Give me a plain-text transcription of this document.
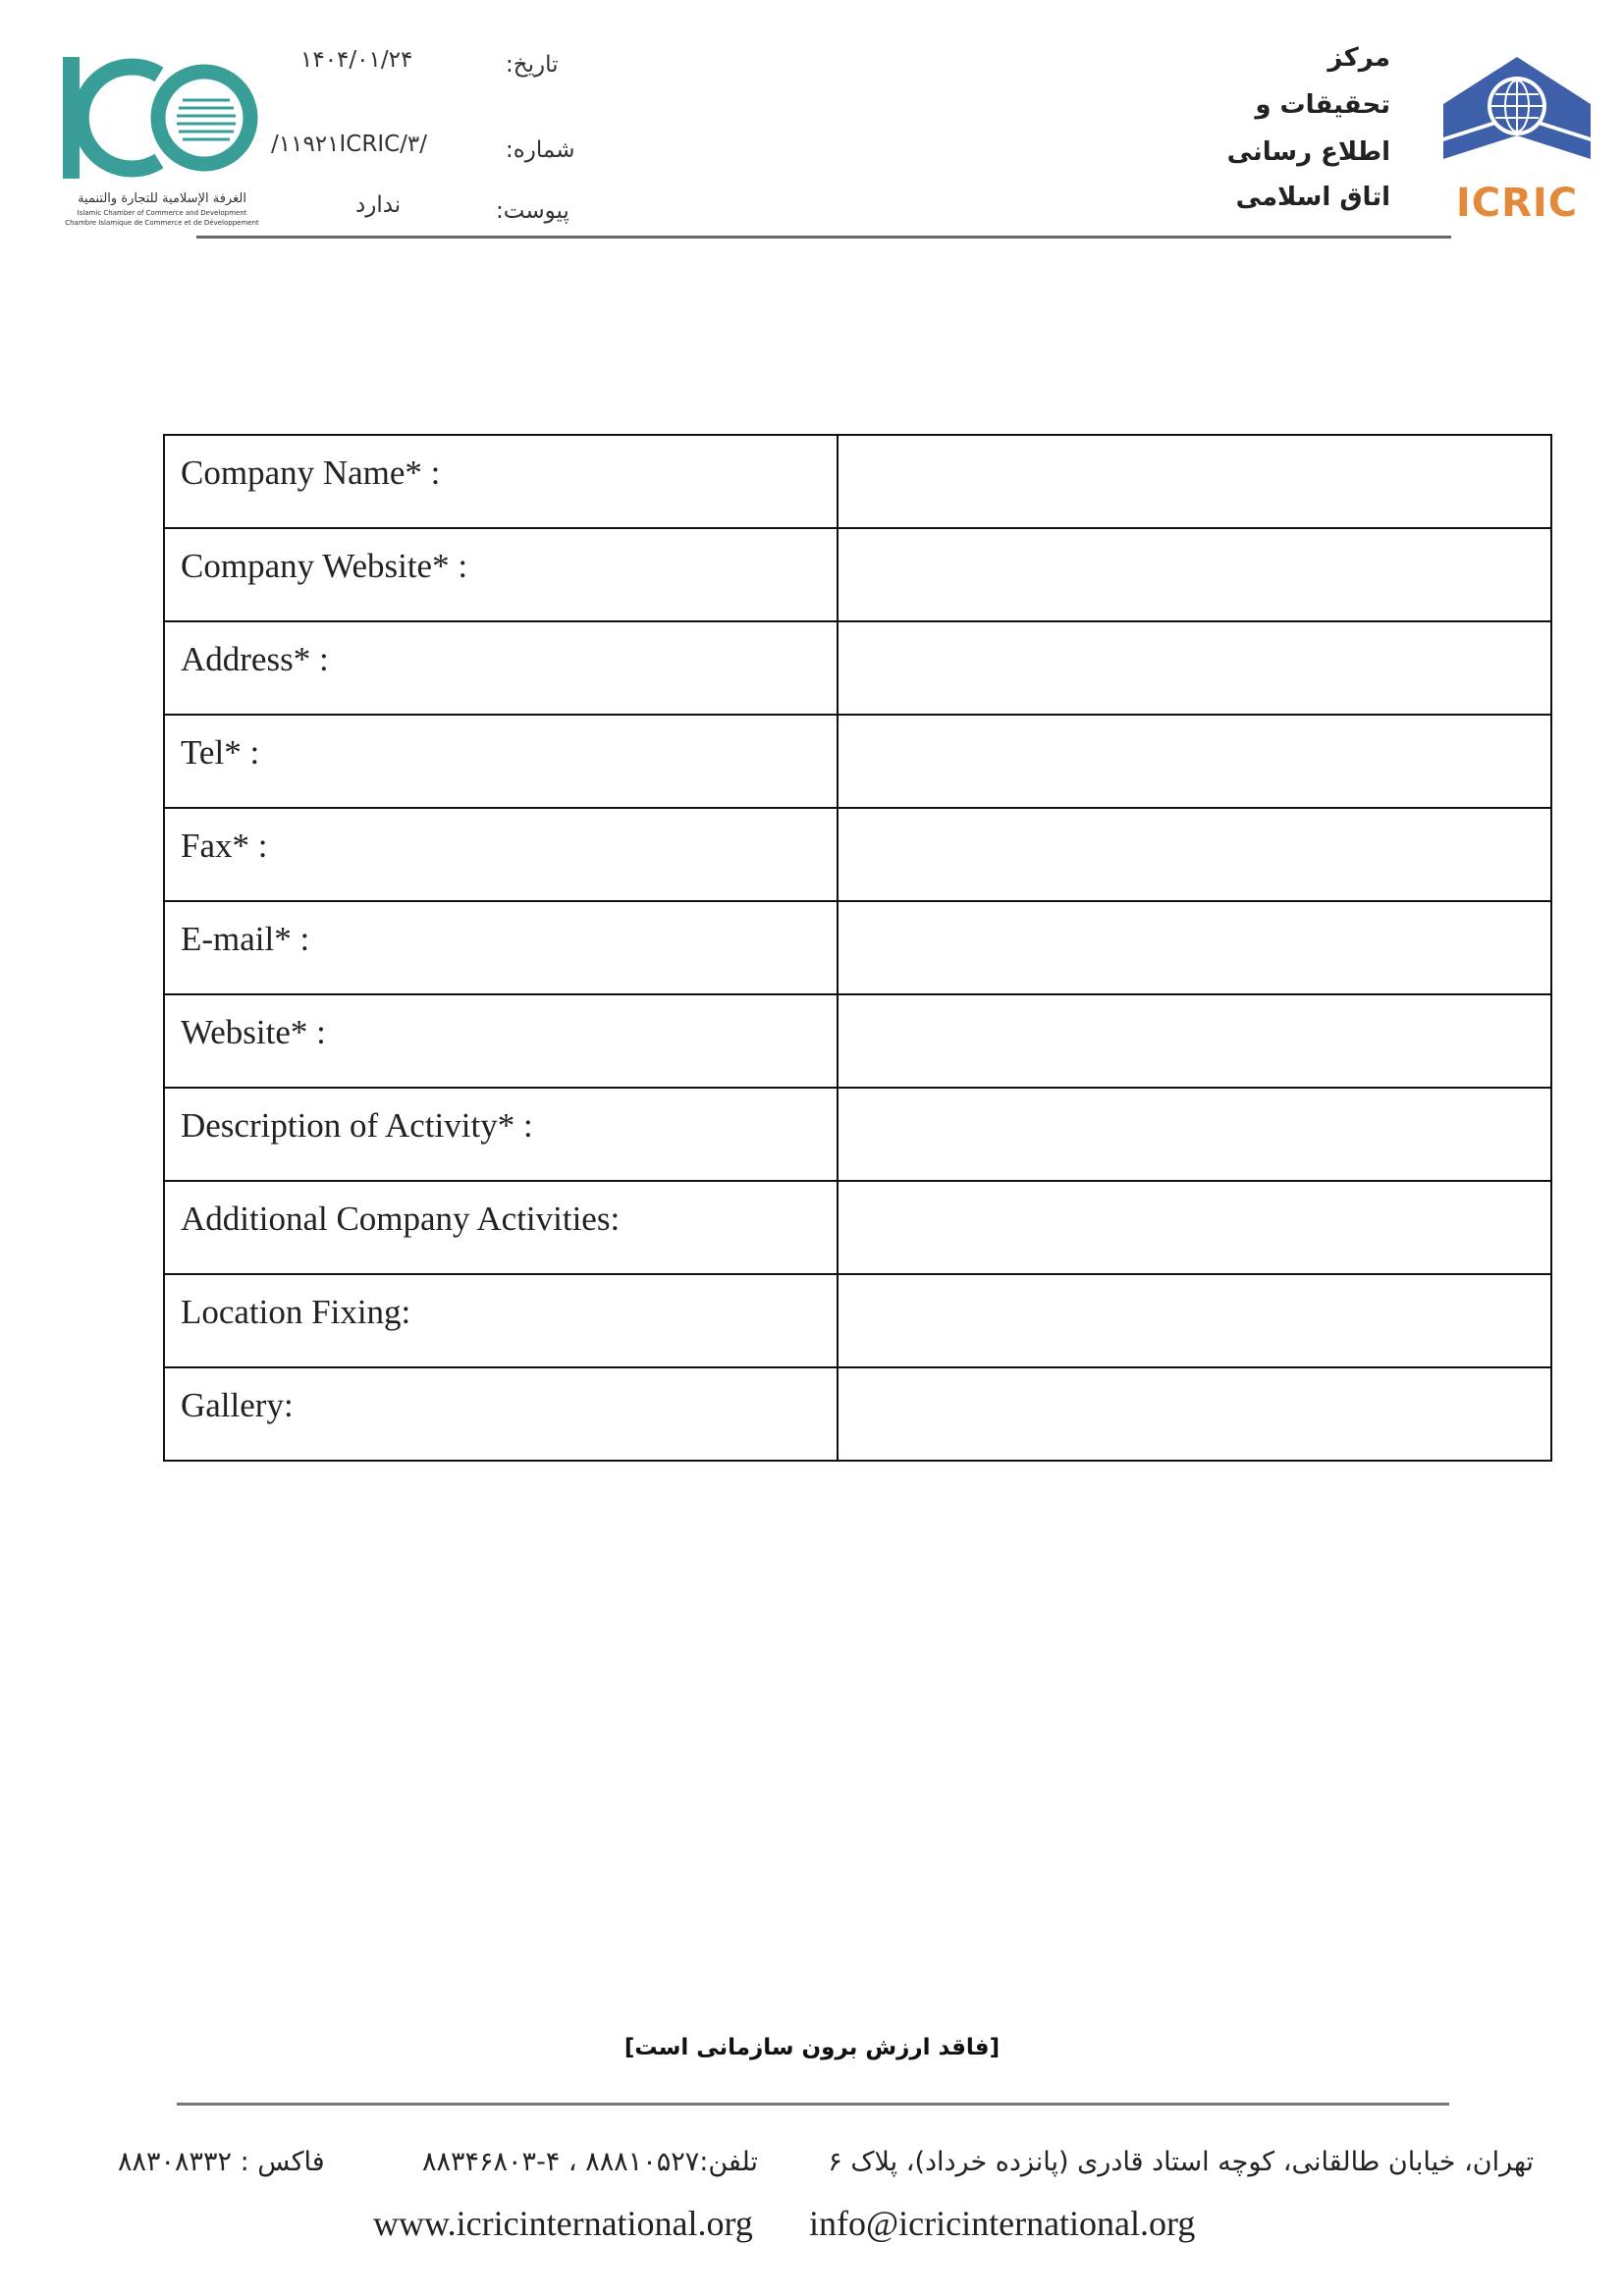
الغرفة الإسلامية للتجارة والتنمية
Islamic Chamber of Commerce and Development
Chambre Islamique de Commerce et de Développement
۱۴۰۴/۰۱/۲۴	تاریخ:
/۱۱۹۲۱ICRIC/۳/	شماره:
ندارد	پیوست:
مرکز
تحقیقات و
اطلاع رسانی
اتاق اسلامی	ICRIC
Company Name* :	
Company Website* :	
Address* :	
Tel* :	
Fax* :	
E-mail* :	
Website* :	
Description of Activity* :	
Additional Company Activities:	
Location Fixing:	
Gallery:	
[فاقد ارزش برون سازمانی است]
تهران، خیابان طالقانی، کوچه استاد قادری (پانزده خرداد)، پلاک ۶
تلفن:۸۸۸۱۰۵۲۷ ، ۴-۸۸۳۴۶۸۰۳
فاکس : ۸۸۳۰۸۳۳۲
www.icricinternational.org info@icricinternational.org
